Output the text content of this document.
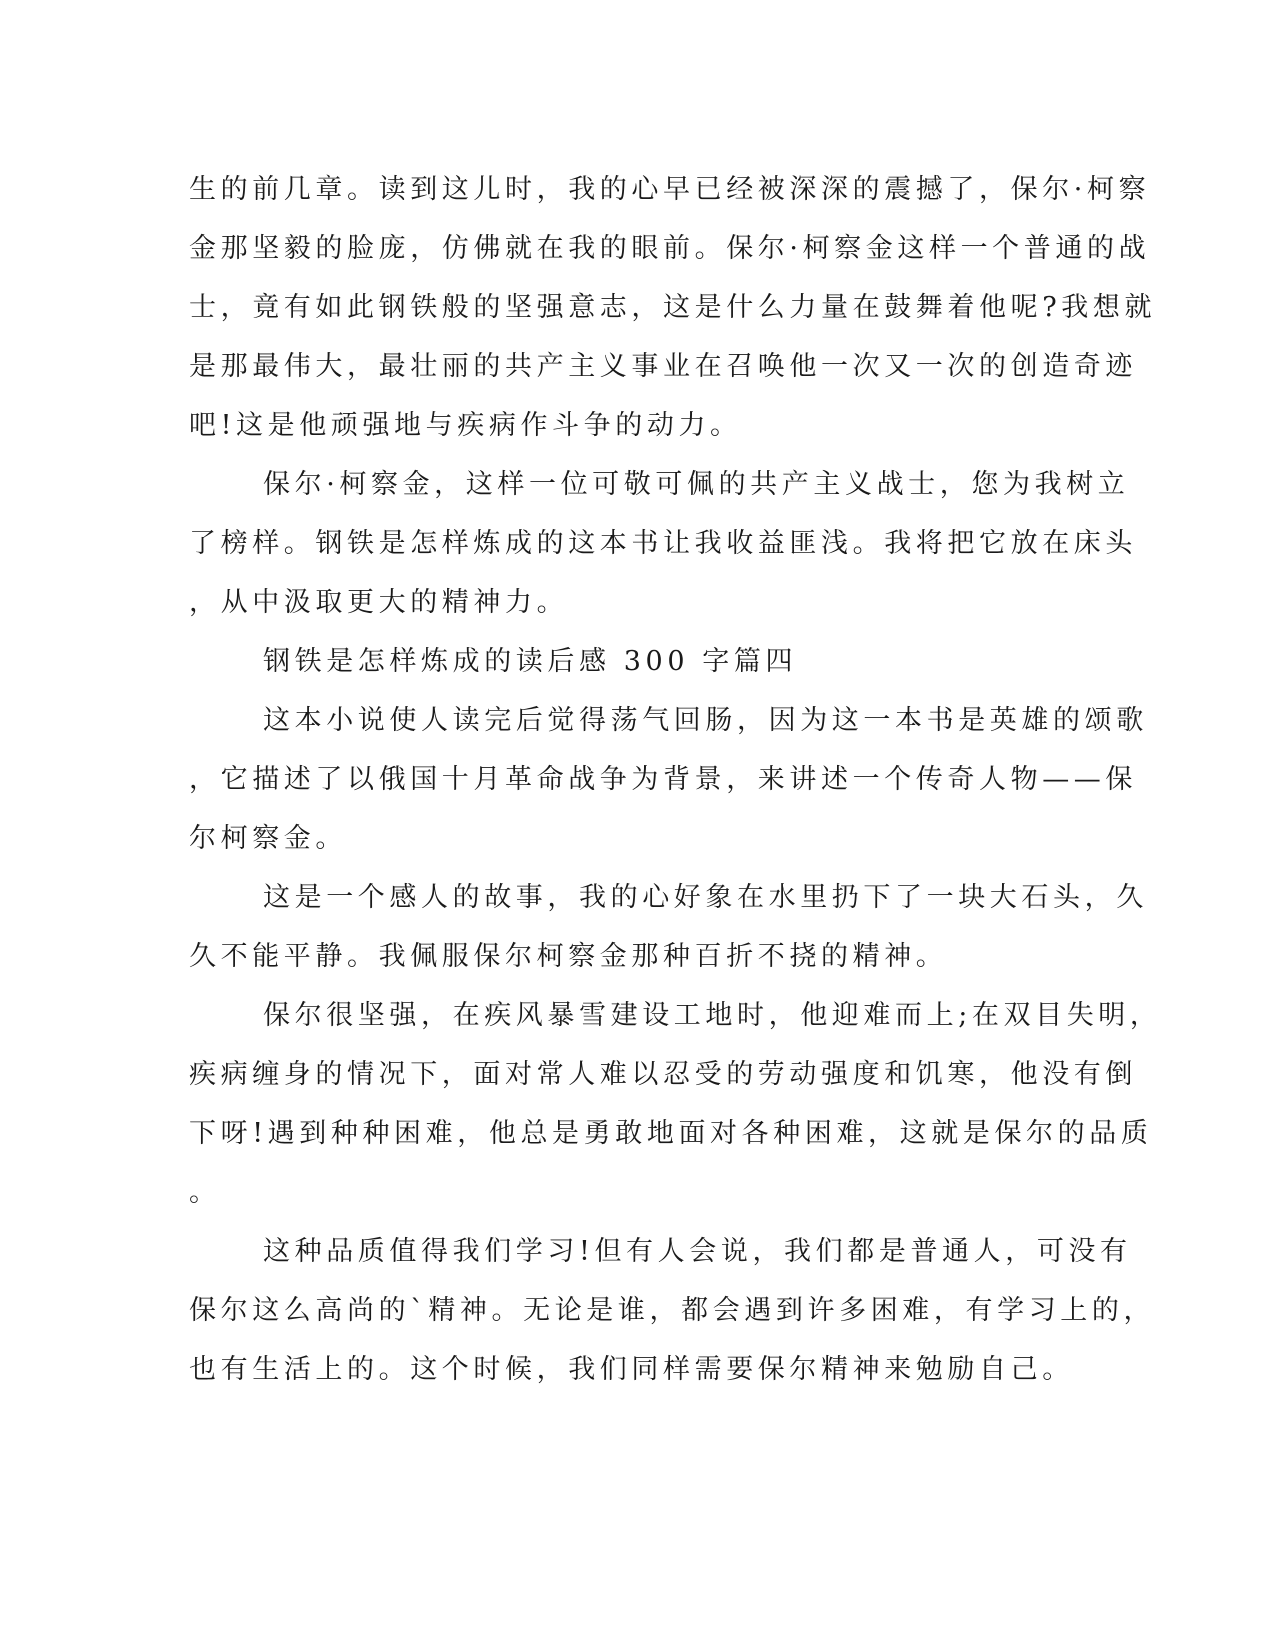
生的前几章。读到这儿时，我的心早已经被深深的震撼了，保尔·柯察
金那坚毅的脸庞，仿佛就在我的眼前。保尔·柯察金这样一个普通的战
士，竟有如此钢铁般的坚强意志，这是什么力量在鼓舞着他呢?我想就
是那最伟大，最壮丽的共产主义事业在召唤他一次又一次的创造奇迹
吧!这是他顽强地与疾病作斗争的动力。
保尔·柯察金，这样一位可敬可佩的共产主义战士，您为我树立
了榜样。钢铁是怎样炼成的这本书让我收益匪浅。我将把它放在床头
，从中汲取更大的精神力。
钢铁是怎样炼成的读后感 300 字篇四
这本小说使人读完后觉得荡气回肠，因为这一本书是英雄的颂歌
，它描述了以俄国十月革命战争为背景，来讲述一个传奇人物——保
尔柯察金。
这是一个感人的故事，我的心好象在水里扔下了一块大石头，久
久不能平静。我佩服保尔柯察金那种百折不挠的精神。
保尔很坚强，在疾风暴雪建设工地时，他迎难而上;在双目失明，
疾病缠身的情况下，面对常人难以忍受的劳动强度和饥寒，他没有倒
下呀!遇到种种困难，他总是勇敢地面对各种困难，这就是保尔的品质
。
这种品质值得我们学习!但有人会说，我们都是普通人，可没有
保尔这么高尚的`精神。无论是谁，都会遇到许多困难，有学习上的，
也有生活上的。这个时候，我们同样需要保尔精神来勉励自己。
